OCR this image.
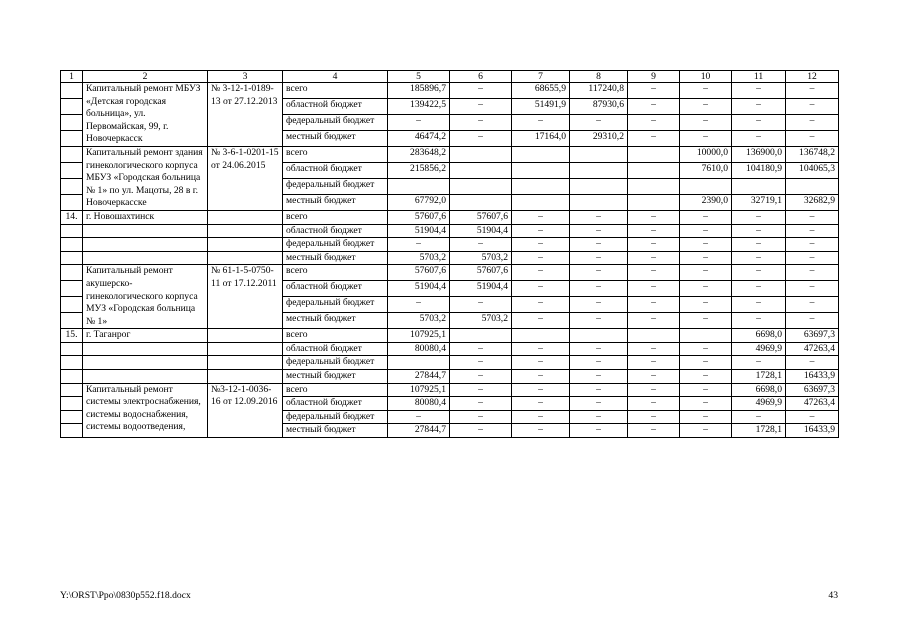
1	2	3	4	5	6	7	8	9	10	11	12
	Капитальный ремонт МБУЗ «Детская городская больница», ул. Первомайская, 99, г. Новочеркасск	№ 3-12-1-0189-13 от 27.12.2013	всего	185896,7	–	68655,9	117240,8	–	–	–	–
			областной бюджет	139422,5	–	51491,9	87930,6	–	–	–	–
			федеральный бюджет	–	–	–	–	–	–	–	–
			местный бюджет	46474,2	–	17164,0	29310,2	–	–	–	–
	Капитальный ремонт здания гинекологического корпуса МБУЗ «Городская больница № 1» по ул. Мацоты, 28 в г. Новочеркасске	№ 3-6-1-0201-15 от 24.06.2015	всего	283648,2					10000,0	136900,0	136748,2
			областной бюджет	215856,2					7610,0	104180,9	104065,3
			федеральный бюджет								
			местный бюджет	67792,0					2390,0	32719,1	32682,9
14.	г. Новошахтинск		всего	57607,6	57607,6	–	–	–	–	–	–
			областной бюджет	51904,4	51904,4	–	–	–	–	–	–
			федеральный бюджет	–	–	–	–	–	–	–	–
			местный бюджет	5703,2	5703,2	–	–	–	–	–	–
	Капитальный ремонт акушерско-гинекологического корпуса МУЗ «Городская больница № 1»	№ 61-1-5-0750-11 от 17.12.2011	всего	57607,6	57607,6	–	–	–	–	–	–
			областной бюджет	51904,4	51904,4	–	–	–	–	–	–
			федеральный бюджет	–	–	–	–	–	–	–	–
			местный бюджет	5703,2	5703,2	–	–	–	–	–	–
15.	г. Таганрог		всего	107925,1						6698,0	63697,3
			областной бюджет	80080,4	–	–	–	–	–	4969,9	47263,4
			федеральный бюджет		–	–	–	–	–	–	–
			местный бюджет	27844,7	–	–	–	–	–	1728,1	16433,9
	Капитальный ремонт системы электроснабжения, системы водоснабжения, системы водоотведения,	№3-12-1-0036-16 от 12.09.2016	всего	107925,1	–	–	–	–	–	6698,0	63697,3
			областной бюджет	80080,4	–	–	–	–	–	4969,9	47263,4
			федеральный бюджет	–	–	–	–	–	–	–	–
			местный бюджет	27844,7	–	–	–	–	–	1728,1	16433,9
Y:\ORST\Ppo\0830p552.f18.docx	43
